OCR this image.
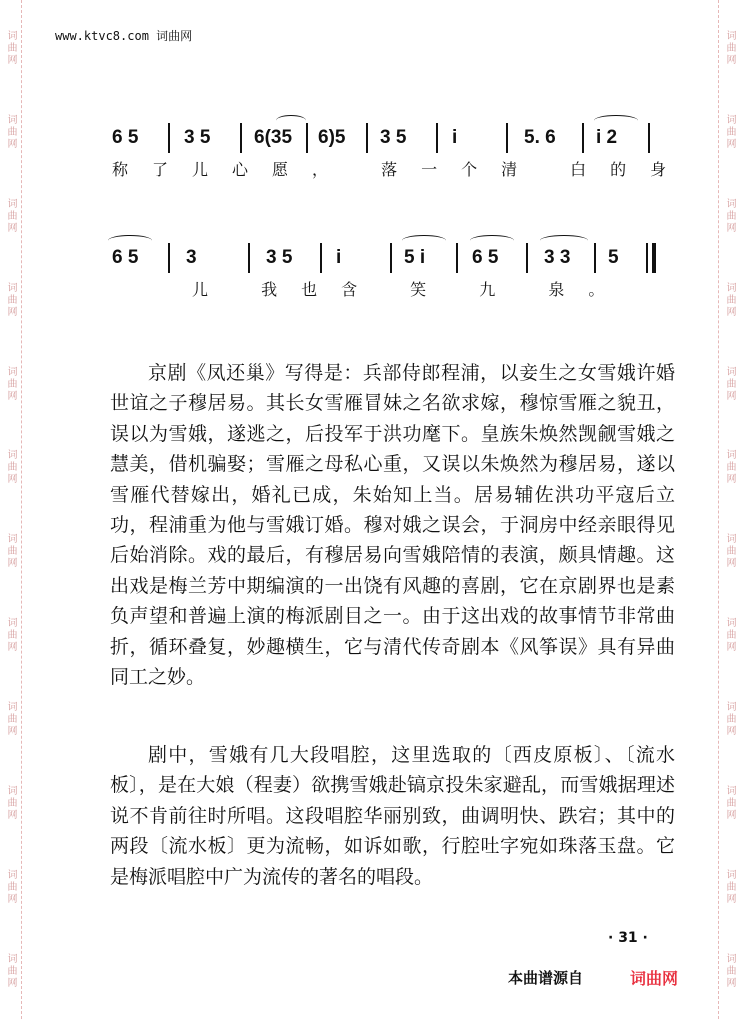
词曲网
词曲网
词曲网
词曲网
词曲网
词曲网
词曲网
词曲网
词曲网
词曲网
词曲网
词曲网
词曲网
词曲网
词曲网
词曲网
词曲网
词曲网
词曲网
词曲网
词曲网
词曲网
词曲网
词曲网
www.ktvc8.com 词曲网
6 5 3 5 6(35 6)5 3 5 i	5. 6 i 2
称了儿心愿， 落一个清 白的身
6 5	3	3 5 i	5 i 6 5 3 3 5
儿 我也含 笑 九 泉。

京剧《凤还巢》写得是：兵部侍郎程浦，以妾生之女雪娥许婚世谊之子穆居易。其长女雪雁冒妹之名欲求嫁，穆惊雪雁之貌丑，误以为雪娥，遂逃之，后投军于洪功麾下。皇族朱焕然觊觎雪娥之慧美，借机骗娶；雪雁之母私心重，又误以朱焕然为穆居易，遂以雪雁代替嫁出，婚礼已成，朱始知上当。居易辅佐洪功平寇后立功，程浦重为他与雪娥订婚。穆对娥之误会，于洞房中经亲眼得见后始消除。戏的最后，有穆居易向雪娥陪情的表演，颇具情趣。这出戏是梅兰芳中期编演的一出饶有风趣的喜剧，它在京剧界也是素负声望和普遍上演的梅派剧目之一。由于这出戏的故事情节非常曲折，循环叠复，妙趣横生，它与清代传奇剧本《风筝误》具有异曲同工之妙。

剧中，雪娥有几大段唱腔，这里选取的〔西皮原板〕、〔流水板〕，是在大娘（程妻）欲携雪娥赴镐京投朱家避乱，而雪娥据理述说不肯前往时所唱。这段唱腔华丽别致，曲调明快、跌宕；其中的两段〔流水板〕更为流畅，如诉如歌，行腔吐字宛如珠落玉盘。它是梅派唱腔中广为流传的著名的唱段。

· 31 ·
本曲谱源自	词曲网
